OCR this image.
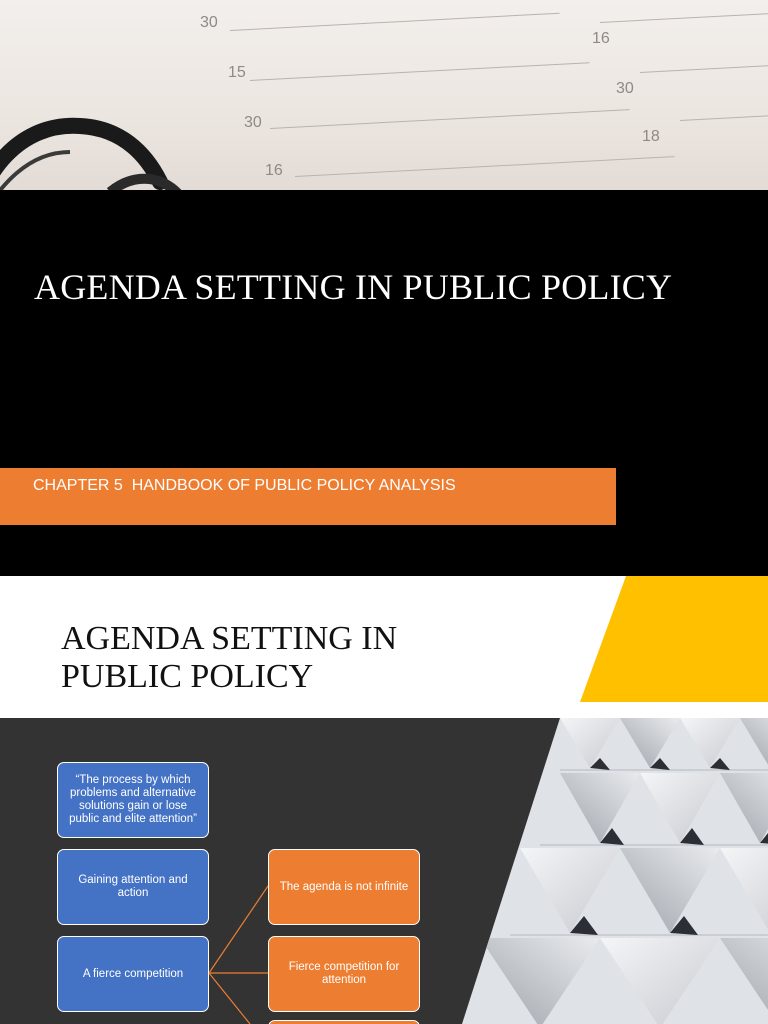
30
15
30
16
16
30
18
AGENDA SETTING IN PUBLIC POLICY
CHAPTER 5  HANDBOOK OF PUBLIC POLICY ANALYSIS
AGENDA SETTING IN
PUBLIC POLICY
“The process by which problems and alternative solutions gain or lose public and elite attention”
Gaining attention and action
A fierce competition
The agenda is not infinite
Fierce competition for attention
